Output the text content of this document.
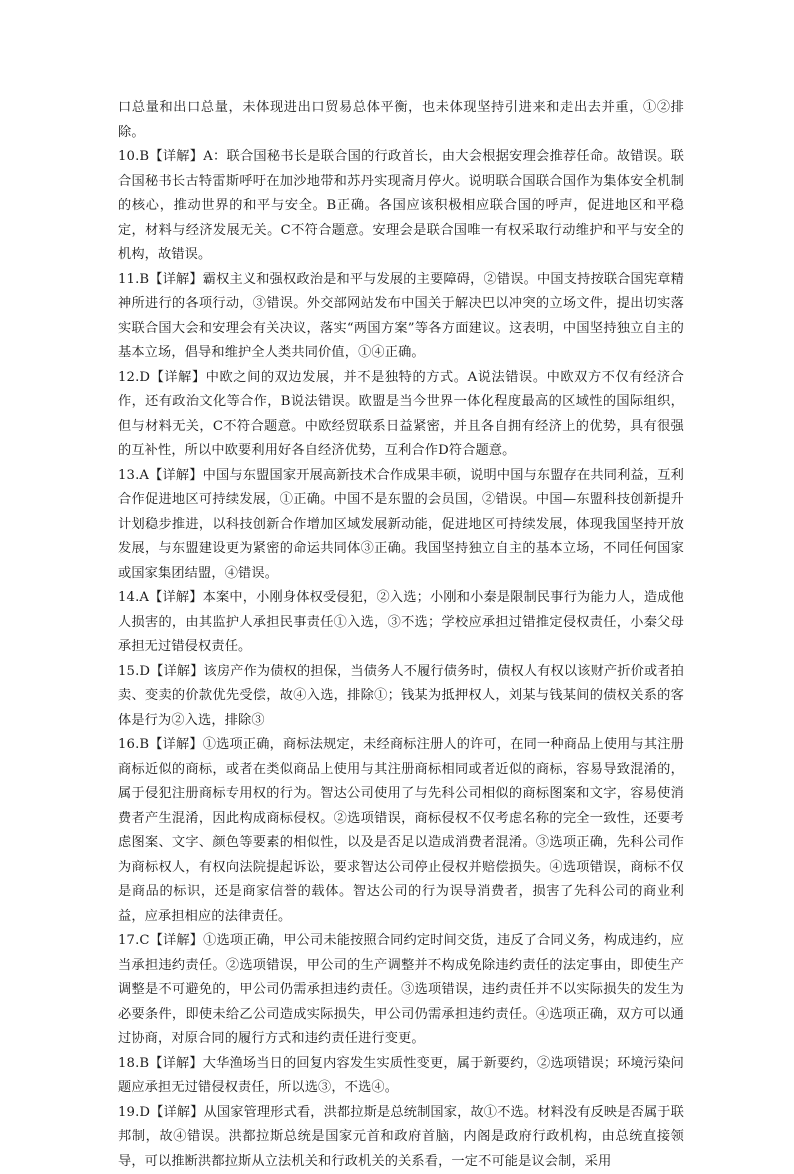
口总量和出口总量，未体现进出口贸易总体平衡，也未体现坚持引进来和走出去并重，①②排除。

10.B【详解】A：联合国秘书长是联合国的行政首长，由大会根据安理会推荐任命。故错误。联合国秘书长古特雷斯呼吁在加沙地带和苏丹实现斋月停火。说明联合国联合国作为集体安全机制的核心，推动世界的和平与安全。B正确。各国应该积极相应联合国的呼声，促进地区和平稳定，材料与经济发展无关。C不符合题意。安理会是联合国唯一有权采取行动维护和平与安全的机构，故错误。

11.B【详解】霸权主义和强权政治是和平与发展的主要障碍，②错误。中国支持按联合国宪章精神所进行的各项行动，③错误。外交部网站发布中国关于解决巴以冲突的立场文件，提出切实落实联合国大会和安理会有关决议，落实“两国方案”等各方面建议。这表明，中国坚持独立自主的基本立场，倡导和维护全人类共同价值，①④正确。

12.D【详解】中欧之间的双边发展，并不是独特的方式。A说法错误。中欧双方不仅有经济合作，还有政治文化等合作，B说法错误。欧盟是当今世界一体化程度最高的区域性的国际组织，但与材料无关，C不符合题意。中欧经贸联系日益紧密，并且各自拥有经济上的优势，具有很强的互补性，所以中欧要利用好各自经济优势，互利合作D符合题意。

13.A【详解】中国与东盟国家开展高新技术合作成果丰硕，说明中国与东盟存在共同利益，互利合作促进地区可持续发展，①正确。中国不是东盟的会员国，②错误。中国—东盟科技创新提升计划稳步推进，以科技创新合作增加区域发展新动能，促进地区可持续发展，体现我国坚持开放发展，与东盟建设更为紧密的命运共同体③正确。我国坚持独立自主的基本立场，不同任何国家或国家集团结盟，④错误。

14.A【详解】本案中，小刚身体权受侵犯，②入选；小刚和小秦是限制民事行为能力人，造成他人损害的，由其监护人承担民事责任①入选，③不选；学校应承担过错推定侵权责任，小秦父母承担无过错侵权责任。

15.D【详解】该房产作为债权的担保，当债务人不履行债务时，债权人有权以该财产折价或者拍卖、变卖的价款优先受偿，故④入选，排除①；钱某为抵押权人，刘某与钱某间的债权关系的客体是行为②入选，排除③

16.B【详解】①选项正确，商标法规定，未经商标注册人的许可，在同一种商品上使用与其注册商标近似的商标，或者在类似商品上使用与其注册商标相同或者近似的商标，容易导致混淆的，属于侵犯注册商标专用权的行为。智达公司使用了与先科公司相似的商标图案和文字，容易使消费者产生混淆，因此构成商标侵权。②选项错误，商标侵权不仅考虑名称的完全一致性，还要考虑图案、文字、颜色等要素的相似性，以及是否足以造成消费者混淆。③选项正确，先科公司作为商标权人，有权向法院提起诉讼，要求智达公司停止侵权并赔偿损失。④选项错误，商标不仅是商品的标识，还是商家信誉的载体。智达公司的行为误导消费者，损害了先科公司的商业利益，应承担相应的法律责任。

17.C【详解】①选项正确，甲公司未能按照合同约定时间交货，违反了合同义务，构成违约，应当承担违约责任。②选项错误，甲公司的生产调整并不构成免除违约责任的法定事由，即使生产调整是不可避免的，甲公司仍需承担违约责任。③选项错误，违约责任并不以实际损失的发生为必要条件，即使未给乙公司造成实际损失，甲公司仍需承担违约责任。④选项正确，双方可以通过协商，对原合同的履行方式和违约责任进行变更。

18.B【详解】大华渔场当日的回复内容发生实质性变更，属于新要约，②选项错误；环境污染问题应承担无过错侵权责任，所以选③，不选④。

19.D【详解】从国家管理形式看，洪都拉斯是总统制国家，故①不选。材料没有反映是否属于联邦制，故④错误。洪都拉斯总统是国家元首和政府首脑，内阁是政府行政机构，由总统直接领导，可以推断洪都拉斯从立法机关和行政机关的关系看，一定不可能是议会制，采用
